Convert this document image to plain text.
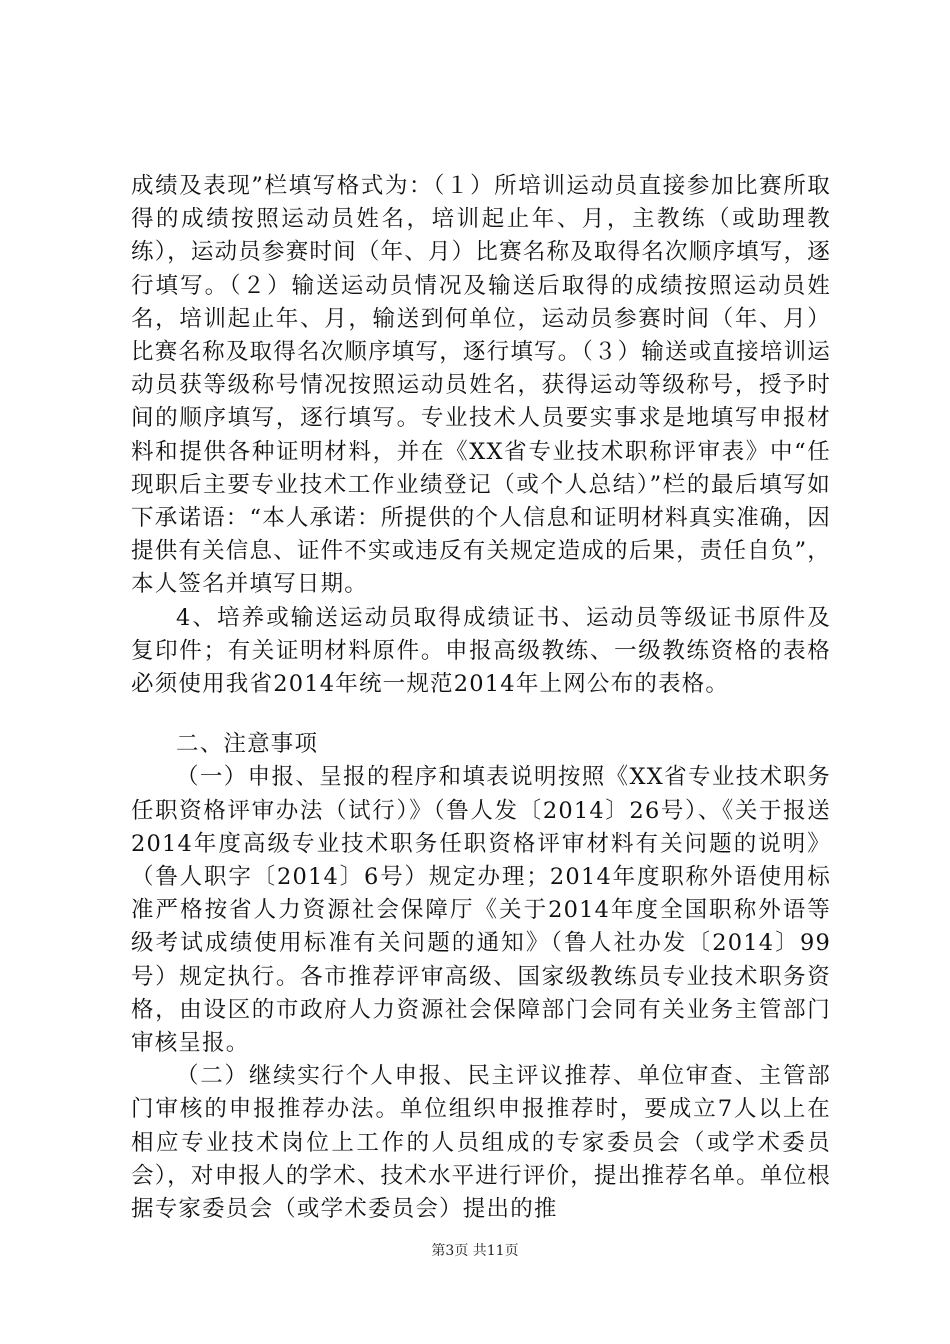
成绩及表现”栏填写格式为：（１）所培训运动员直接参加比赛所取得的成绩按照运动员姓名，培训起止年、月，主教练（或助理教练），运动员参赛时间（年、月）比赛名称及取得名次顺序填写，逐行填写。（２）输送运动员情况及输送后取得的成绩按照运动员姓名，培训起止年、月，输送到何单位，运动员参赛时间（年、月）比赛名称及取得名次顺序填写，逐行填写。（３）输送或直接培训运动员获等级称号情况按照运动员姓名，获得运动等级称号，授予时间的顺序填写，逐行填写。专业技术人员要实事求是地填写申报材料和提供各种证明材料，并在《XX省专业技术职称评审表》中“任现职后主要专业技术工作业绩登记（或个人总结）”栏的最后填写如下承诺语：“本人承诺：所提供的个人信息和证明材料真实准确，因提供有关信息、证件不实或违反有关规定造成的后果，责任自负”，本人签名并填写日期。

4、培养或输送运动员取得成绩证书、运动员等级证书原件及复印件；有关证明材料原件。申报高级教练、一级教练资格的表格必须使用我省2014年统一规范2014年上网公布的表格。

二、注意事项

（一）申报、呈报的程序和填表说明按照《XX省专业技术职务任职资格评审办法（试行）》（鲁人发〔2014〕26号）、《关于报送2014年度高级专业技术职务任职资格评审材料有关问题的说明》（鲁人职字〔2014〕6号）规定办理；2014年度职称外语使用标准严格按省人力资源社会保障厅《关于2014年度全国职称外语等级考试成绩使用标准有关问题的通知》（鲁人社办发〔2014〕99号）规定执行。各市推荐评审高级、国家级教练员专业技术职务资格，由设区的市政府人力资源社会保障部门会同有关业务主管部门审核呈报。

（二）继续实行个人申报、民主评议推荐、单位审查、主管部门审核的申报推荐办法。单位组织申报推荐时，要成立7人以上在相应专业技术岗位上工作的人员组成的专家委员会（或学术委员会），对申报人的学术、技术水平进行评价，提出推荐名单。单位根据专家委员会（或学术委员会）提出的推

第3页 共11页
